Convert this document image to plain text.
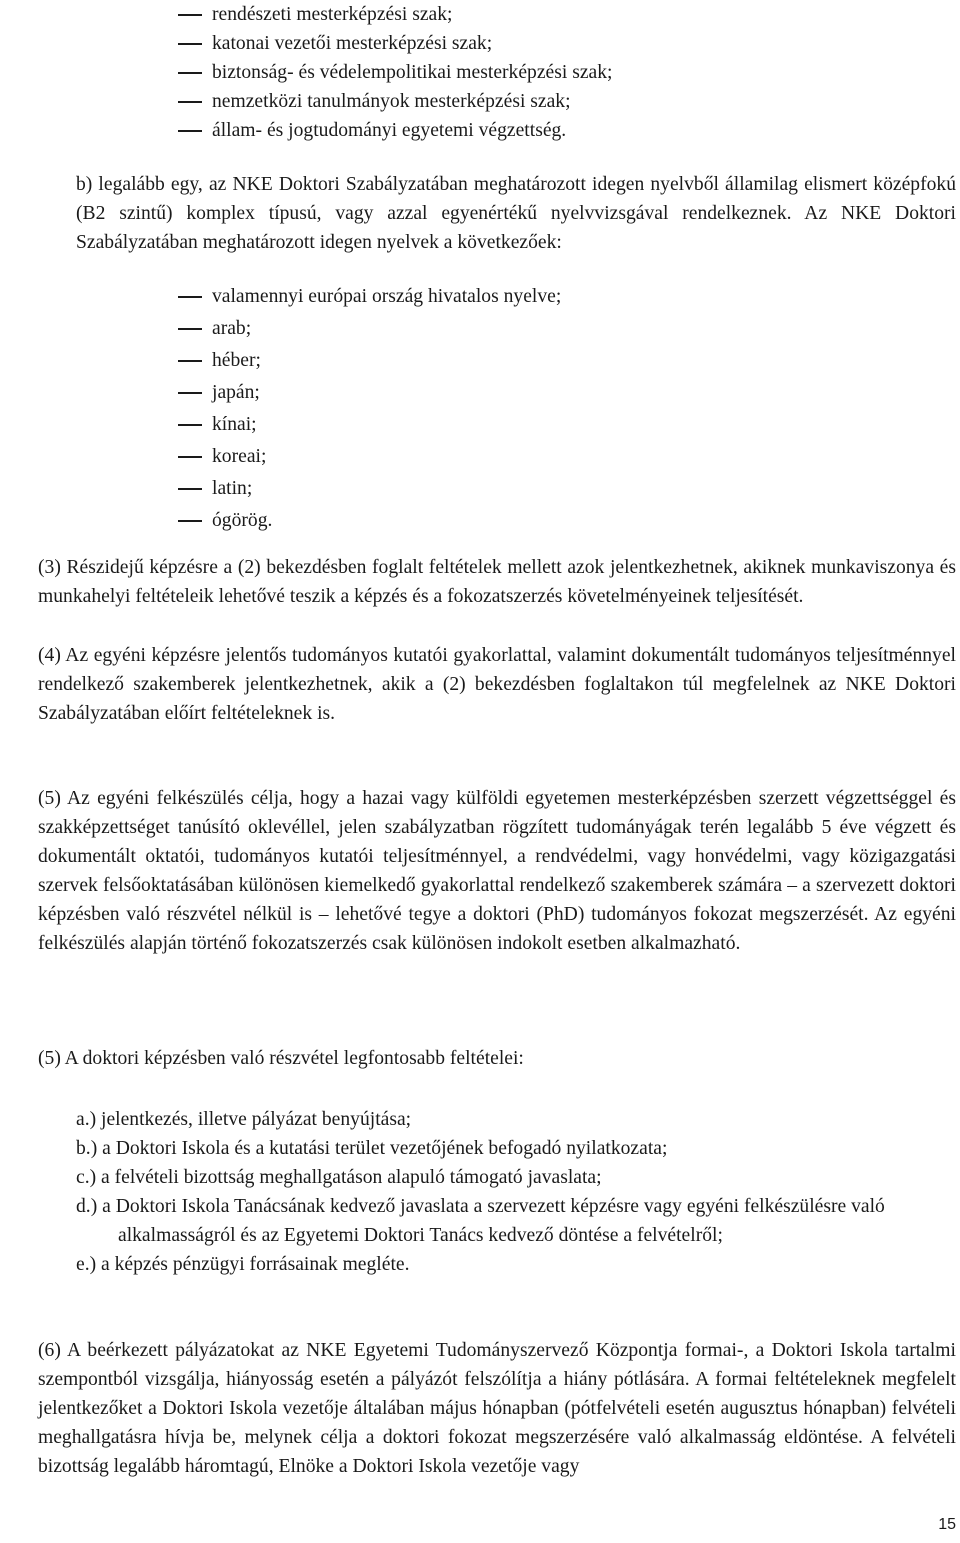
rendészeti mesterképzési szak;
katonai vezetői mesterképzési szak;
biztonság- és védelempolitikai mesterképzési szak;
nemzetközi tanulmányok mesterképzési szak;
állam- és jogtudományi egyetemi végzettség.
b) legalább egy, az NKE Doktori Szabályzatában meghatározott idegen nyelvből államilag elismert középfokú (B2 szintű) komplex típusú, vagy azzal egyenértékű nyelvvizsgával rendelkeznek. Az NKE Doktori Szabályzatában meghatározott idegen nyelvek a következőek:
valamennyi európai ország hivatalos nyelve;
arab;
héber;
japán;
kínai;
koreai;
latin;
ógörög.
(3) Részidejű képzésre a (2) bekezdésben foglalt feltételek mellett azok jelentkezhetnek, akiknek munkaviszonya és munkahelyi feltételeik lehetővé teszik a képzés és a fokozatszerzés követelményeinek teljesítését.
(4) Az egyéni képzésre jelentős tudományos kutatói gyakorlattal, valamint dokumentált tudományos teljesítménnyel rendelkező szakemberek jelentkezhetnek, akik a (2) bekezdésben foglaltakon túl megfelelnek az NKE Doktori Szabályzatában előírt feltételeknek is.
(5) Az egyéni felkészülés célja, hogy a hazai vagy külföldi egyetemen mesterképzésben szerzett végzettséggel és szakképzettséget tanúsító oklevéllel, jelen szabályzatban rögzített tudományágak terén legalább 5 éve végzett és dokumentált oktatói, tudományos kutatói teljesítménnyel, a rendvédelmi, vagy honvédelmi, vagy közigazgatási szervek felsőoktatásában különösen kiemelkedő gyakorlattal rendelkező szakemberek számára – a szervezett doktori képzésben való részvétel nélkül is – lehetővé tegye a doktori (PhD) tudományos fokozat megszerzését. Az egyéni felkészülés alapján történő fokozatszerzés csak különösen indokolt esetben alkalmazható.
(5) A doktori képzésben való részvétel legfontosabb feltételei:
a.) jelentkezés, illetve pályázat benyújtása;
b.) a Doktori Iskola és a kutatási terület vezetőjének befogadó nyilatkozata;
c.) a felvételi bizottság meghallgatáson alapuló támogató javaslata;
d.) a Doktori Iskola Tanácsának kedvező javaslata a szervezett képzésre vagy egyéni felkészülésre való alkalmasságról és az Egyetemi Doktori Tanács kedvező döntése a felvételről;
e.) a képzés pénzügyi forrásainak megléte.
(6) A beérkezett pályázatokat az NKE Egyetemi Tudományszervező Központja formai-, a Doktori Iskola tartalmi szempontból vizsgálja, hiányosság esetén a pályázót felszólítja a hiány pótlására. A formai feltételeknek megfelelt jelentkezőket a Doktori Iskola vezetője általában május hónapban (pótfelvételi esetén augusztus hónapban) felvételi meghallgatásra hívja be, melynek célja a doktori fokozat megszerzésére való alkalmasság eldöntése. A felvételi bizottság legalább háromtagú, Elnöke a Doktori Iskola vezetője vagy
15
